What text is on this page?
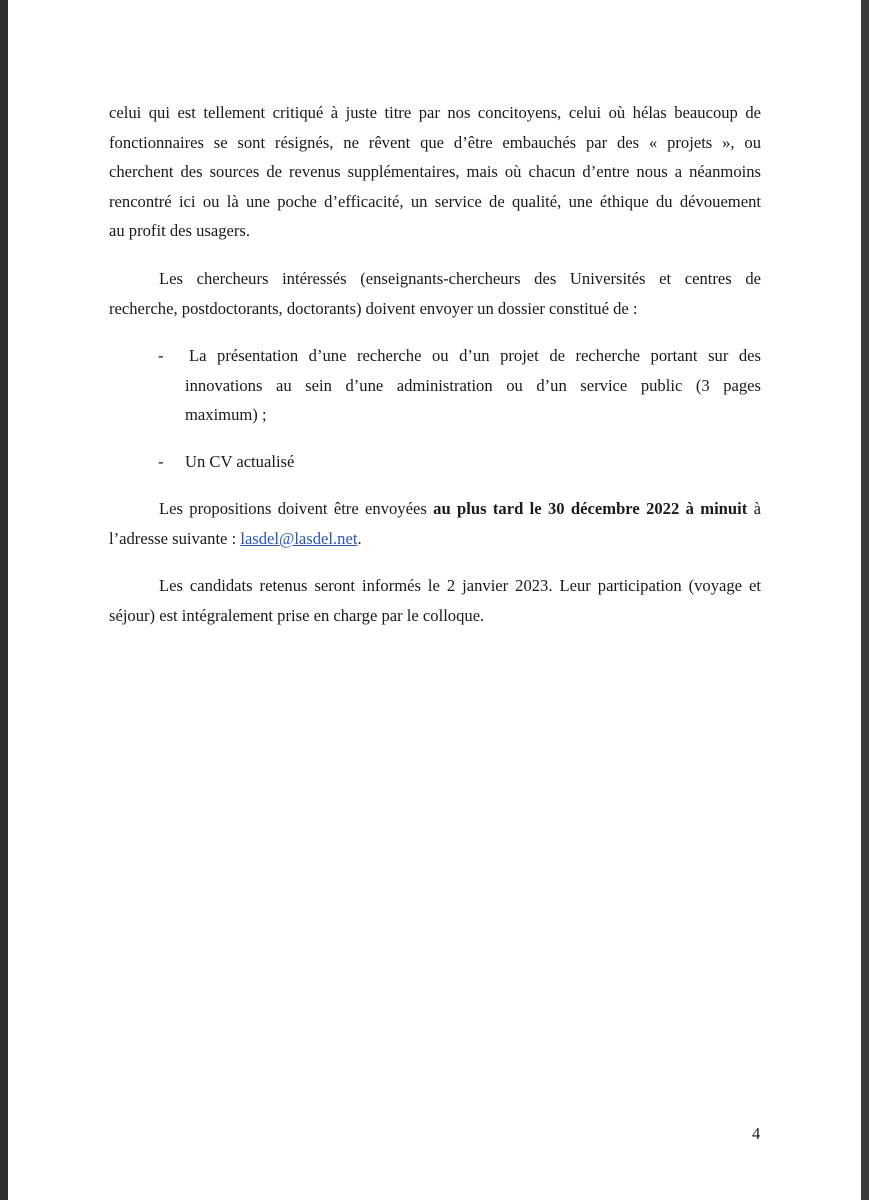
celui qui est tellement critiqué à juste titre par nos concitoyens, celui où hélas beaucoup de
fonctionnaires se sont résignés, ne rêvent que d’être embauchés par des « projets », ou
cherchent des sources de revenus supplémentaires, mais où chacun d’entre nous a néanmoins
rencontré ici ou là une poche d’efficacité, un service de qualité, une éthique du dévouement
au profit des usagers.
Les chercheurs intéressés (enseignants-chercheurs des Universités et centres de
recherche, postdoctorants, doctorants) doivent envoyer un dossier constitué de :
- La présentation d’une recherche ou d’un projet de recherche portant sur des
innovations au sein d’une administration ou d’un service public (3 pages
maximum) ;
- Un CV actualisé
Les propositions doivent être envoyées au plus tard le 30 décembre 2022 à minuit à
l’adresse suivante : lasdel@lasdel.net.
Les candidats retenus seront informés le 2 janvier 2023. Leur participation (voyage et
séjour) est intégralement prise en charge par le colloque.
4
